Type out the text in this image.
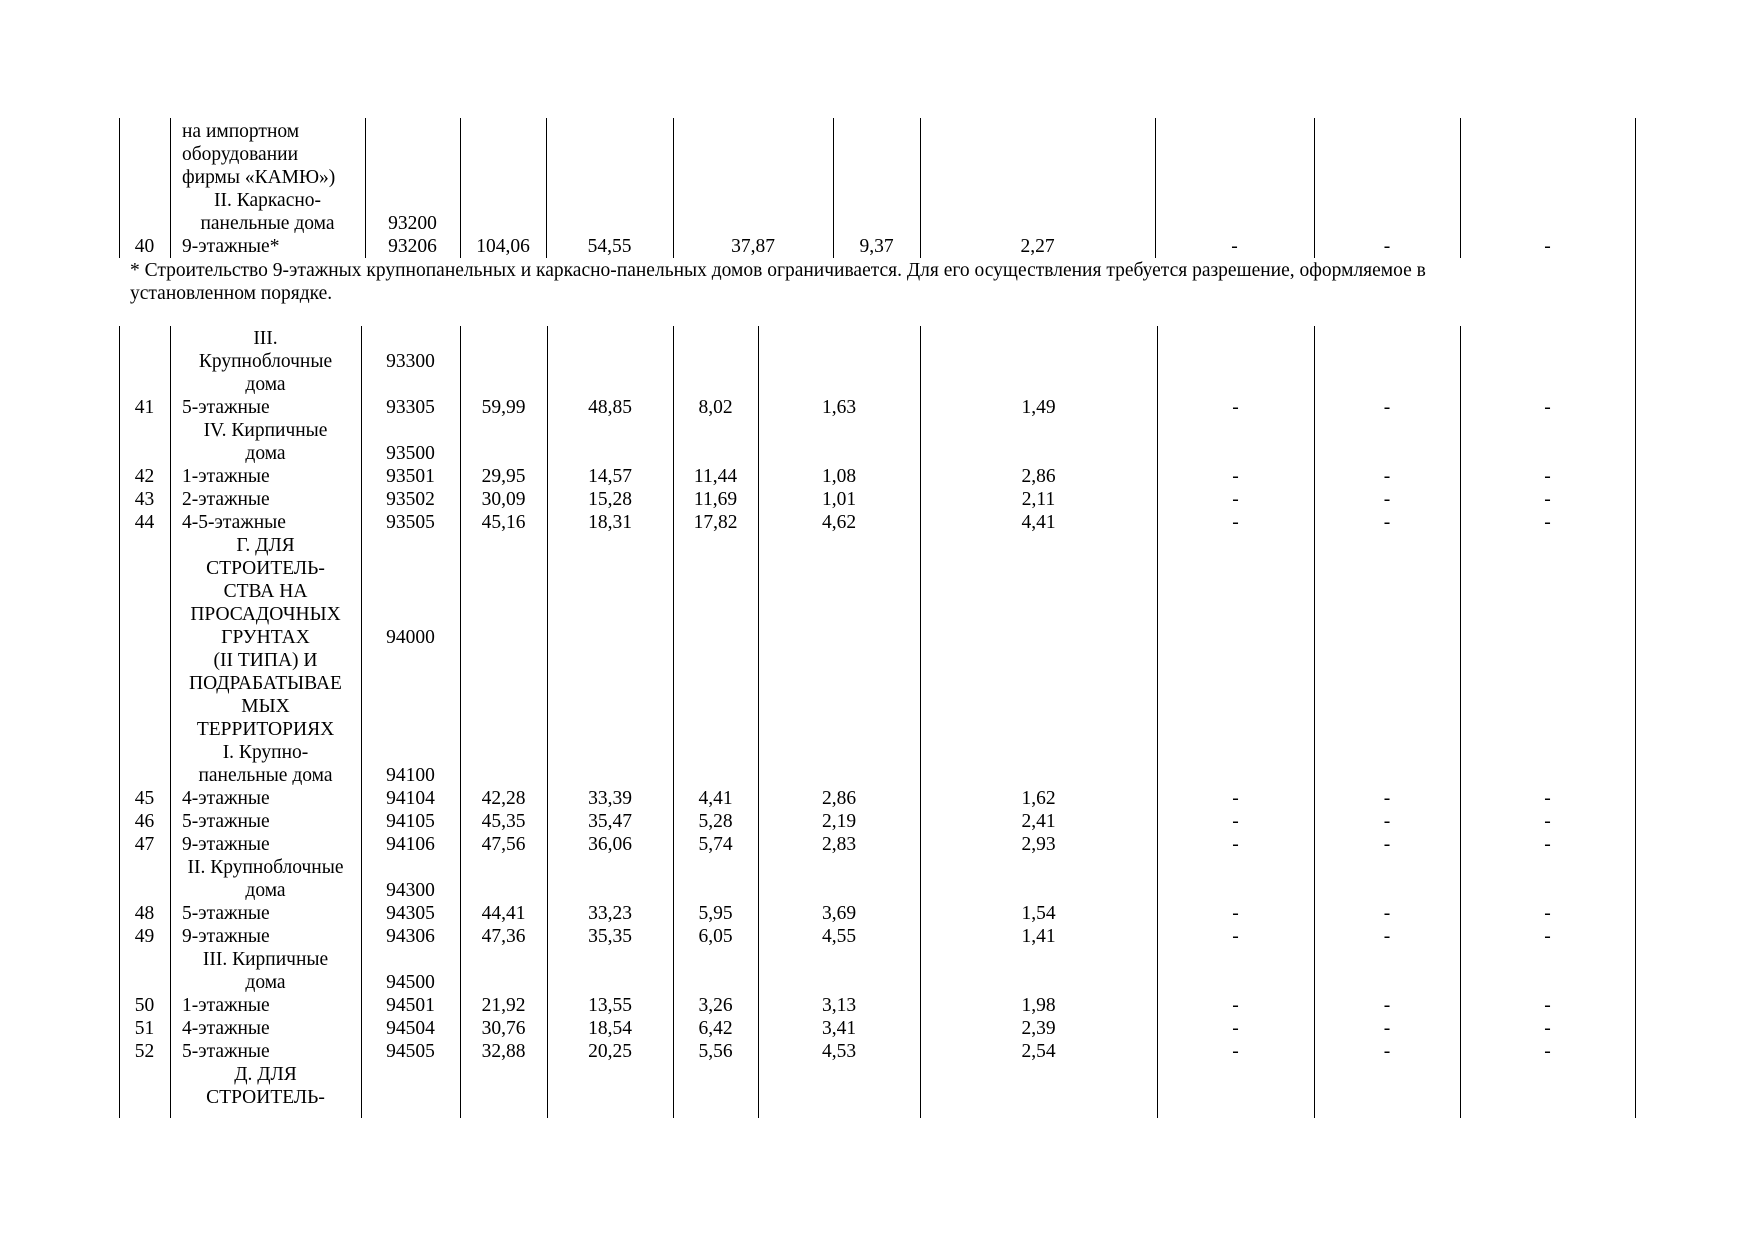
на импортном
оборудовании
фирмы «КАМЮ»)
II. Каркасно-
панельные дома	93200
40	9-этажные*	93206	104,06	54,55	37,87	9,37	2,27	-	-	-
* Строительство 9-этажных крупнопанельных и каркасно-панельных домов ограничивается. Для его осуществления требуется разрешение, оформляемое в
установленном порядке.
III.
Крупноблочные	93300
дома
41	5-этажные	93305	59,99	48,85	8,02	1,63	1,49	-	-	-
IV. Кирпичные
дома	93500
42	1-этажные	93501	29,95	14,57	11,44	1,08	2,86	-	-	-
43	2-этажные	93502	30,09	15,28	11,69	1,01	2,11	-	-	-
44	4-5-этажные	93505	45,16	18,31	17,82	4,62	4,41	-	-	-
Г. ДЛЯ
СТРОИТЕЛЬ-
СТВА НА
ПРОСАДОЧНЫХ
ГРУНТАХ	94000
(II ТИПА) И
ПОДРАБАТЫВАЕ
МЫХ
ТЕРРИТОРИЯХ
I. Крупно-
панельные дома	94100
45	4-этажные	94104	42,28	33,39	4,41	2,86	1,62	-	-	-
46	5-этажные	94105	45,35	35,47	5,28	2,19	2,41	-	-	-
47	9-этажные	94106	47,56	36,06	5,74	2,83	2,93	-	-	-
II. Крупноблочные
дома	94300
48	5-этажные	94305	44,41	33,23	5,95	3,69	1,54	-	-	-
49	9-этажные	94306	47,36	35,35	6,05	4,55	1,41	-	-	-
III. Кирпичные
дома	94500
50	1-этажные	94501	21,92	13,55	3,26	3,13	1,98	-	-	-
51	4-этажные	94504	30,76	18,54	6,42	3,41	2,39	-	-	-
52	5-этажные	94505	32,88	20,25	5,56	4,53	2,54	-	-	-
Д. ДЛЯ
СТРОИТЕЛЬ-
